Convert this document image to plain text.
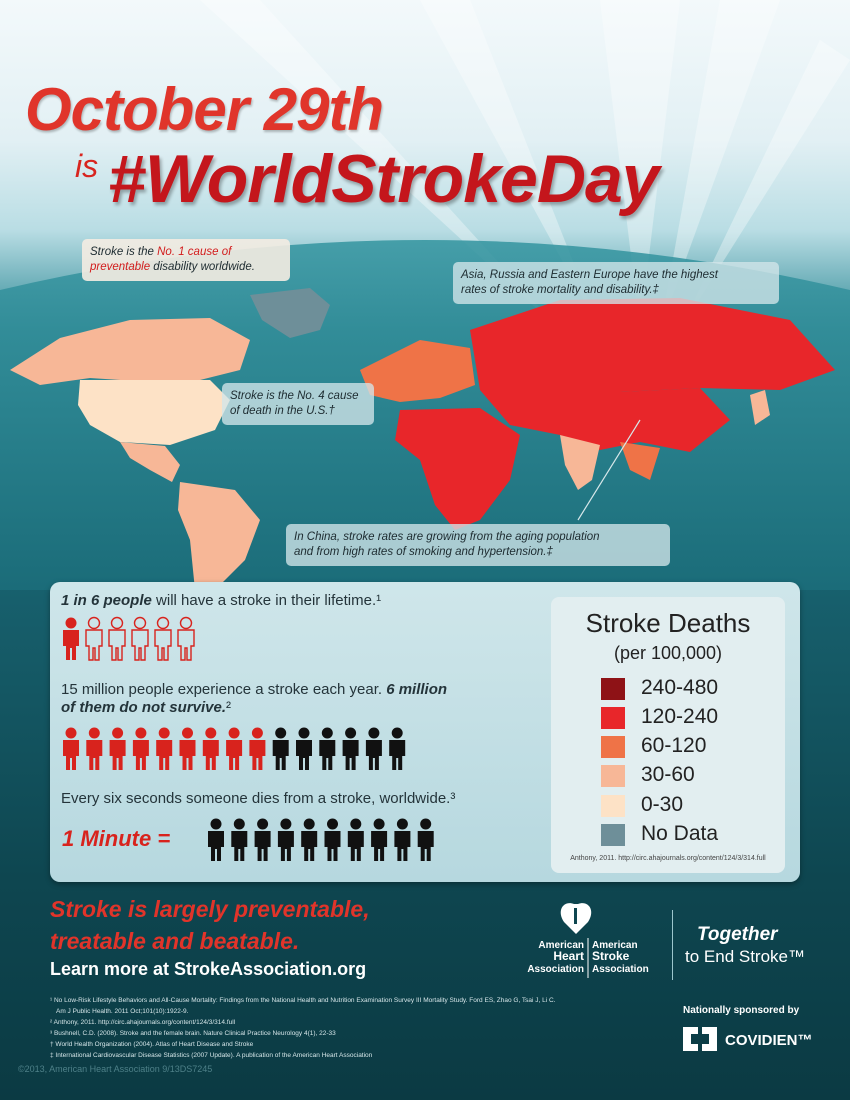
October 29th
is #WorldStrokeDay
Stroke is the No. 1 cause of preventable disability worldwide.
Asia, Russia and Eastern Europe have the highest
rates of stroke mortality and disability.‡
Stroke is the No. 4 cause
of death in the U.S.†
In China, stroke rates are growing from the aging population
and from high rates of smoking and hypertension.‡
1 in 6 people will have a stroke in their lifetime.¹
15 million people experience a stroke each year. 6 million
of them do not survive.²
Every six seconds someone dies from a stroke, worldwide.³
1 Minute =
Stroke Deaths
(per 100,000)
240-480
120-240
60-120
30-60
0-30
No Data
Anthony, 2011. http://circ.ahajournals.org/content/124/3/314.full
Stroke is largely preventable,
treatable and beatable.
Learn more at StrokeAssociation.org
American
Heart
Association
American
Stroke
Association
Together
to End Stroke™
Nationally sponsored by
COVIDIEN™

¹ No Low-Risk Lifestyle Behaviors and All-Cause Mortality: Findings from the National Health and Nutrition Examination Survey III Mortality Study. Ford ES, Zhao G, Tsai J, Li C.

Am J Public Health. 2011 Oct;101(10):1922-9.

² Anthony, 2011. http://circ.ahajournals.org/content/124/3/314.full

³ Bushnell, C.D. (2008). Stroke and the female brain. Nature Clinical Practice Neurology 4(1), 22-33

† World Health Organization (2004). Atlas of Heart Disease and Stroke

‡ International Cardiovascular Disease Statistics (2007 Update). A publication of the American Heart Association

©2013, American Heart Association 9/13DS7245
